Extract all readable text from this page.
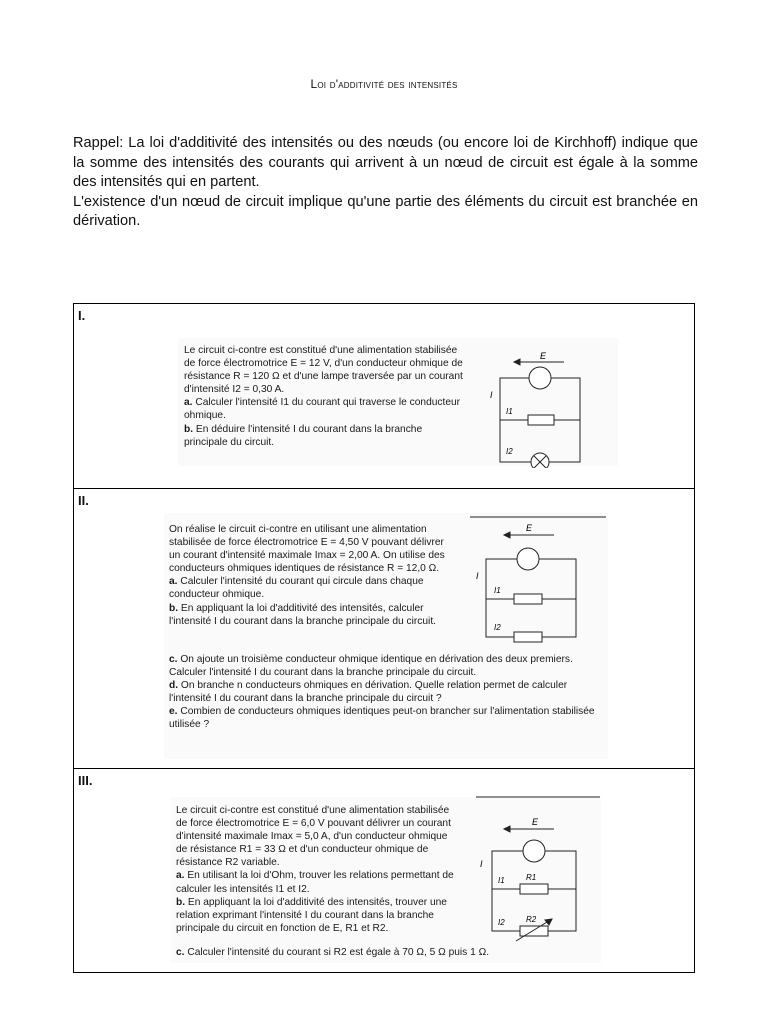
Loi d'additivité des intensités

Rappel: La loi d'additivité des intensités ou des nœuds (ou encore loi de Kirchhoff) indique que la somme des intensités des courants qui arrivent à un nœud de circuit est égale à la somme des intensités qui en partent.

L'existence d'un nœud de circuit implique qu'une partie des éléments du circuit est branchée en dérivation.

I.

Le circuit ci-contre est constitué d'une alimentation stabilisée de force électromotrice E = 12 V, d'un conducteur ohmique de résistance R = 120 Ω et d'une lampe traversée par un courant d'intensité I2 = 0,30 A.

a. Calculer l'intensité I1 du courant qui traverse le conducteur ohmique.

b. En déduire l'intensité I du courant dans la branche principale du circuit.

E
I
I1
I2
II.

On réalise le circuit ci-contre en utilisant une alimentation stabilisée de force électromotrice E = 4,50 V pouvant délivrer un courant d'intensité maximale Imax = 2,00 A. On utilise des conducteurs ohmiques identiques de résistance R = 12,0 Ω.

a. Calculer l'intensité du courant qui circule dans chaque conducteur ohmique.

b. En appliquant la loi d'additivité des intensités, calculer l'intensité I du courant dans la branche principale du circuit.

c. On ajoute un troisième conducteur ohmique identique en dérivation des deux premiers. Calculer l'intensité I du courant dans la branche principale du circuit.

d. On branche n conducteurs ohmiques en dérivation. Quelle relation permet de calculer l'intensité I du courant dans la branche principale du circuit ?

e. Combien de conducteurs ohmiques identiques peut-on brancher sur l'alimentation stabilisée utilisée ?

E
I
I1
I2
III.

Le circuit ci-contre est constitué d'une alimentation stabilisée de force électromotrice E = 6,0 V pouvant délivrer un courant d'intensité maximale Imax = 5,0 A, d'un conducteur ohmique de résistance R1 = 33 Ω et d'un conducteur ohmique de résistance R2 variable.

a. En utilisant la loi d'Ohm, trouver les relations permettant de calculer les intensités I1 et I2.

b. En appliquant la loi d'additivité des intensités, trouver une relation exprimant l'intensité I du courant dans la branche principale du circuit en fonction de E, R1 et R2.

c. Calculer l'intensité du courant si R2 est égale à 70 Ω, 5 Ω puis 1 Ω.

E
I
I1
I2
R1
R2
